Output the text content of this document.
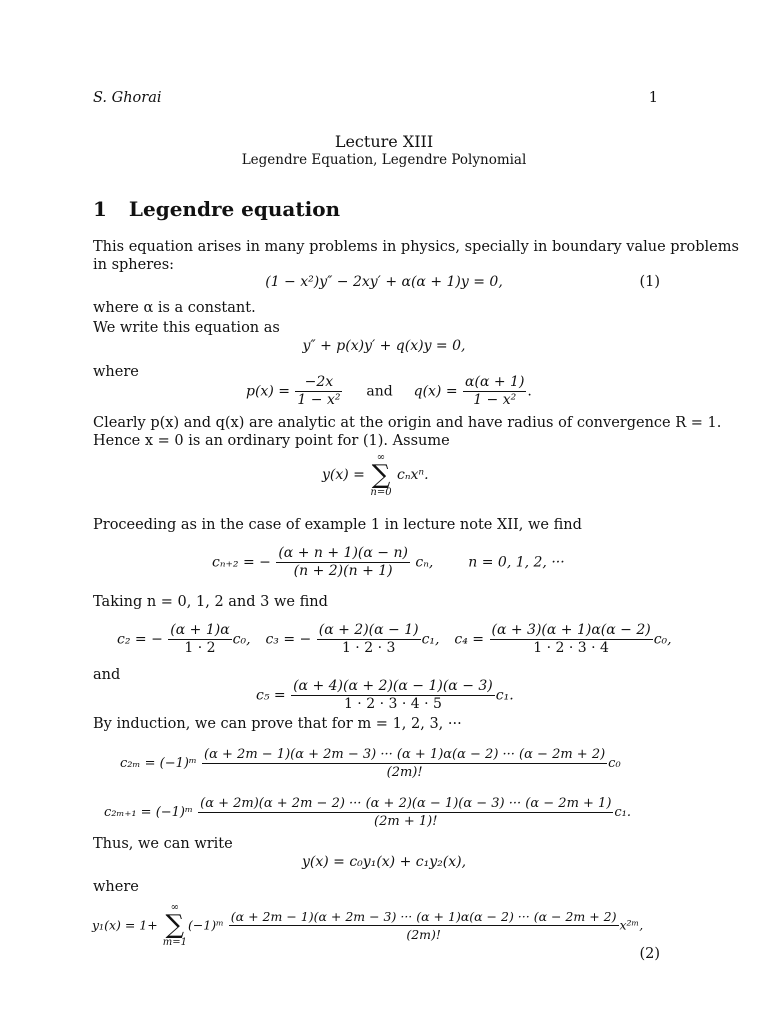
S. Ghorai	1
Lecture XIII
Legendre Equation, Legendre Polynomial
1 Legendre equation
This equation arises in many problems in physics, specially in boundary value problems
in spheres:
(1 − x²)y″ − 2xy′ + α(α + 1)y = 0,	(1)
where α is a constant.
We write this equation as
y″ + p(x)y′ + q(x)y = 0,
where
$p(x) = \frac{-2x}{\text{1 − x²}}$ and $q(x) = \frac{\alpha(\alpha + 1)}{\text{1 − x²}}$ .
Clearly p(x) and q(x) are analytic at the origin and have radius of convergence R = 1.
Hence x = 0 is an ordinary point for (1). Assume
y(x) =
∞
∑
n=0
cₙxⁿ.
Proceeding as in the case of example 1 in lecture note XII, we find
cₙ₊₂ = − $\frac{(\alpha + n + 1)(\alpha - n)}{(n + 2)(n + 1)} c_n$, n = 0, 1, 2, ···
Taking n = 0, 1, 2 and 3 we find
c₂ = − $\frac{(\alpha + 1)\alpha}{1 \cdot 2} c_0$, c₃ = − $\frac{(\alpha + 2)(\alpha - 1)}{1 \cdot 2 \cdot 3} c_1$, $c_4 = \frac{(\alpha + 3)(\alpha + 1)\alpha(\alpha - 2)}{1 \cdot 2 \cdot 3 \cdot 4} c_0$,
and
$c_5 = \frac{(\alpha + 4)(\alpha + 2)(\alpha - 1)(\alpha - 3)}{1 \cdot 2 \cdot 3 \cdot 4 \cdot 5} c_1$.
By induction, we can prove that for m = 1, 2, 3, ···
c₂ₘ = (−1)ᵐ
(α + 2m − 1)(α + 2m − 3) ··· (α + 1)α(α − 2) ··· (α − 2m + 2)
(2m)!
c₀
c₂ₘ₊₁ = (−1)ᵐ
(α + 2m)(α + 2m − 2) ··· (α + 2)(α − 1)(α − 3) ··· (α − 2m + 1)
(2m + 1)!
c₁.
Thus, we can write
y(x) = c₀y₁(x) + c₁y₂(x),
where
y₁(x) = 1+
∞
∑
m=1
(−1)ᵐ
(α + 2m − 1)(α + 2m − 3) ··· (α + 1)α(α − 2) ··· (α − 2m + 2)
(2m)!
x²ᵐ,
(2)
